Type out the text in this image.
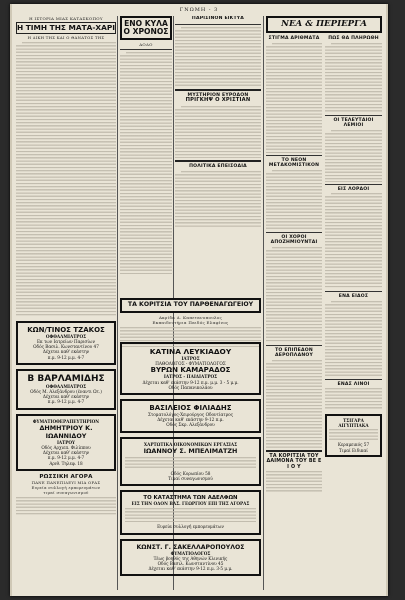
ΓΝΩΜΗ - 3
Η ΙΣΤΟΡΙΑ ΜΙΑΣ ΚΑΤΑΣΚΟΠΟΥ
Η ΤΙΜΗ ΤΗΣ ΜΑΤΑ-ΧΑΡΙ
Η ΔΙΚΗ ΤΗΣ ΚΑΙ Ο ΘΑΝΑΤΟΣ ΤΗΣ
ΚΩΝ/ΤΙΝΟΣ ΤΖΑΚΟΣ
ΟΦΘΑΛΜΙΑΤΡΟΣ
Εκ των Ιατρείων Παρισίων
Οδός Βασιλ. Κωνσταντίνου 47
Δέχεται καθ' εκάστην
π.μ. 9-12 μ.μ. 4-7
Β ΒΑΡΛΑΜΙΔΗΣ
ΟΦΘΑΛΜΙΑΤΡΟΣ
Οδός Μ. Αλεξάνδρου (έναντι Ωτ.)
Δέχεται καθ' εκάστην
π.μ. 9-12 μ.μ. 4-7
ΦΥΜΑΤΙΟΘΕΡΑΠΕΥΤΗΡΙΟΝ
ΔΗΜΗΤΡΙΟΥ Κ. ΙΩΑΝΝΙΔΟΥ
ΙΑΤΡΟΥ
Οδός Αρχιεπ. Φιλίππου
Δέχεται καθ' εκάστην
π.μ. 9-12 μ.μ. 4-7
Αριθ. Τηλεφ. 18
ΡΩΣΣΙΚΗ ΑΓΟΡΑ
ΠΑΝΕ ΠΑΝΕΠΙΔΕΥΙ ΜΙΑ ΟΡΑΣ
Ευρεία συλλογή εμπορευμάτων
τιμαί συναγωνισμού
ΕΝΟ ΚΥΛΑ Ο ΧΡΟΝΟΣ
ΑΟΔΟ
ΠΑΡΙΣΙΝΟΝ ΕΙΚΤΥΑ
ΜΥΣΤΗΡΙΟΝ ΕΥΡΟΔΟΝ
ΠΡΙΓΚΗΨ Ο ΧΡΙΣΤΙΑΝ
ΠΟΛΙΤΙΚΑ ΕΠΕΙΣΟΔΙΑ
ΤΑ ΚΟΡΙΤΣΙΑ ΤΟΥ ΠΑΡΘΕΝΑΓΩΓΕΙΟΥ
Ακρίδα Δ. Καπετανοπουλος
Εκπαιδευτήρια Παιδός Ελαφίνος
ΚΑΤΙΝΑ ΛΕΥΚΙΑΔΟΥ
ΙΑΤΡΟΣ
ΠΑΘΟΛΟΓΟΣ - ΦΥΜΑΤΙΟΛΟΓΟΣ
ΒΥΡΩΝ ΚΑΜΑΡΑΔΟΣ
ΙΑΤΡΟΣ - ΠΑΙΔΙΑΤΡΟΣ
Δέχεται καθ' εκάστην 9-12 π.μ. μ.μ. 3 - 5 μ.μ.
Οδός Παπανικολάου
ΒΑΣΙΛΕΙΟΣ ΦΙΛΙΑΔΗΣ
Στοματολόγος-Χειρούργος Οδοντίατρος
Δέχεται καθ' εκάστην 9-12 π.μ.
Οδός Σκρ. Αλεξάνδρου
ΧΑΡΤΩΤΙΚΑ ΟΙΚΟΝΟΜΙΚΩΝ ΕΡΓΑΣΙΑΣ
ΙΩΑΝΝΟΥ Σ. ΜΠΕΛΙΜΑΤΖΗ
Οδός Κορωπίου 58
Τιμαί συναγωνισμού
ΤΟ ΚΑΤΑΣΤΗΜΑ ΤΩΝ ΑΔΕΛΦΩΝ
ΕΙΣ ΤΗΝ ΟΔΟΝ ΒΑΣ. ΓΕΩΡΓΙΟΥ ΕΠΙ ΤΗΣ ΑΓΟΡΑΣ
Ευρεία συλλογή εμπορευμάτων
ΚΩΝΣΤ. Γ. ΣΑΚΕΛΛΑΡΟΠΟΥΛΟΣ
ΦΥΜΑΤΙΟΛΟΓΟΣ
Τέως βοηθός της Αθηνών Κλινικής
Οδός Βασιλ. Κωνσταντίνου 45
Δέχεται καθ' εκάστην 9-12 π.μ. 3-5 μ.μ.
ΝΕΑ & ΠΕΡΙΕΡΓΑ
ΣΤΙΓΜΑ ΑΡΙΘΜΑΤΑ
ΤΟ ΝΕΟΝ ΜΕΤΑΚΟΜΙΣΤΙΚΟΝ
ΟΙ ΧΟΡΟΙ ΑΠΟΖΗΜΙΟΥΝΤΑΙ
ΤΟ ΕΠΙΠΕΔΟΝ ΑΕΡΟΠΛΑΝΟΥ
ΤΑ ΚΟΡΙΤΣΙΑ ΤΟΥ ΔΑΙΜΟΝΑ ΤΟΥ ΒΕ Ε Ι Ο Υ
ΠΩΣ ΘΑ ΠΛΗΡΩΘΗ
ΟΙ ΤΕΛΕΥΤΑΙΟΙ ΛΕΜΙΟΙ
ΕΙΣ ΛΟΡΔΟΙ
ΕΝΑ ΕΙΔΟΣ
ΕΝΑΣ ΛΙΝΟΙ
ΤΣΙΓΑΡΑ ΑΙΓΥΠΤΙΑΚΑ
Κεραμεικός 57
Τιμαί Ειδικαί
